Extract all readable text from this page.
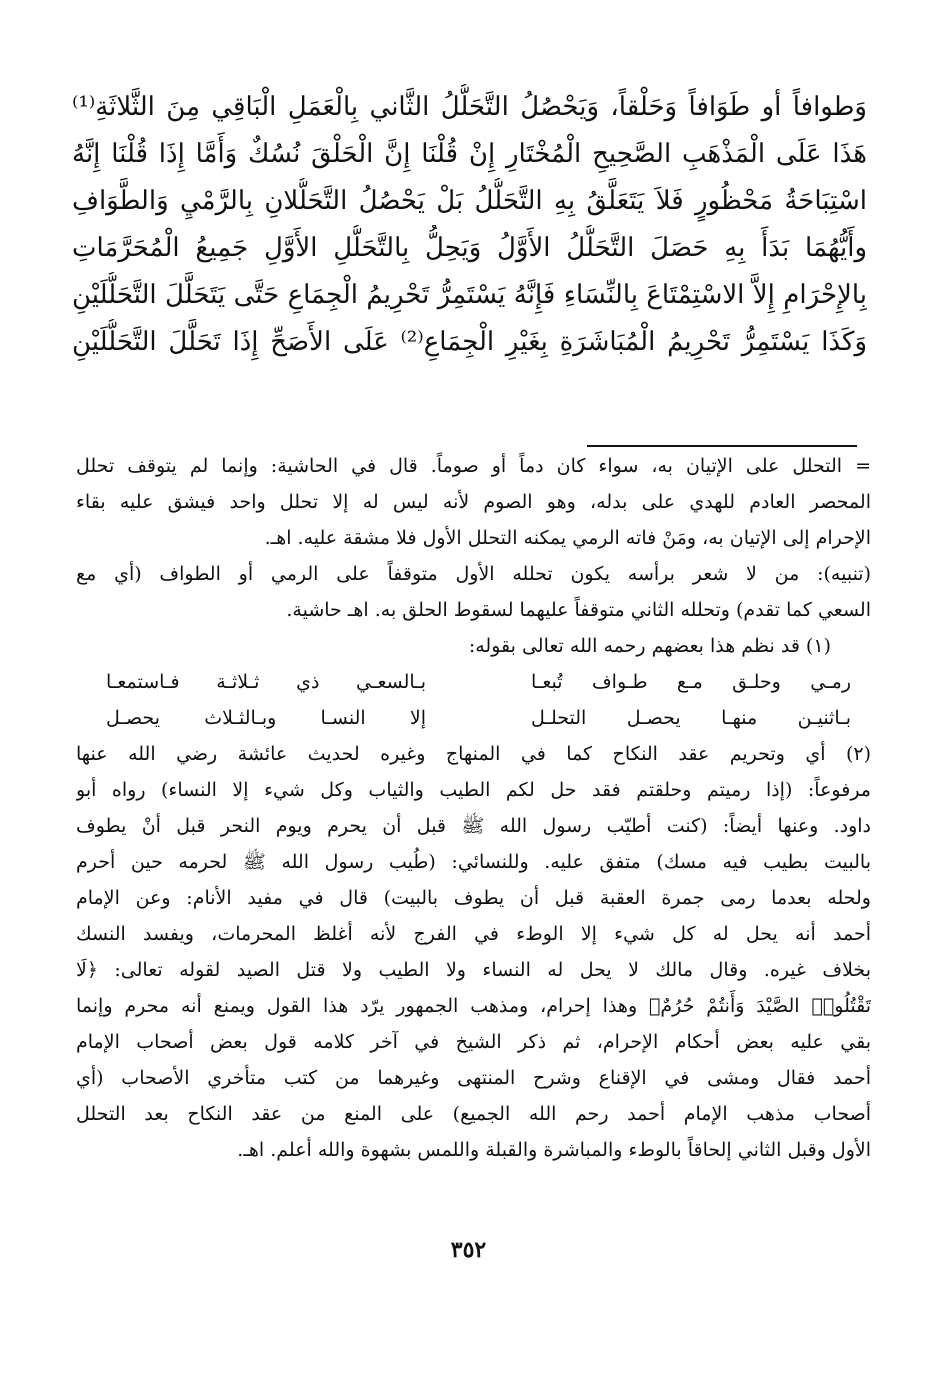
وَطوافاً أو طَوَافاً وَحَلْقاً، وَيَحْصُلُ التَّحَلُّلُ الثَّاني بِالْعَمَلِ الْبَاقِي مِنَ الثَّلاثَةِ⁽¹⁾
هَذَا عَلَى الْمَذْهَبِ الصَّحِيحِ الْمُخْتَارِ إِنْ قُلْنَا إِنَّ الْحَلْقَ نُسُكٌ وَأَمَّا إِذَا قُلْنَا إِنَّهُ
اسْتِبَاحَةُ مَحْظُورٍ فَلاَ يَتَعَلَّقُ بِهِ التَّحَلُّلُ بَلْ يَحْصُلُ التَّحَلُّلانِ بِالرَّمْيِ وَالطَّوَافِ
وأَيُّهُمَا بَدَأَ بِهِ حَصَلَ التَّحَلُّلُ الأَوَّلُ وَيَحِلُّ بِالتَّحَلُّلِ الأَوَّلِ جَمِيعُ الْمُحَرَّمَاتِ
بِالإِحْرَامِ إِلاَّ الاسْتِمْتَاعَ بِالنِّسَاءِ فَإِنَّهُ يَسْتَمِرُّ تَحْرِيمُ الْجِمَاعِ حَتَّى يَتَحَلَّلَ التَّحَلُّلَيْنِ
وَكَذَا يَسْتَمِرُّ تَحْرِيمُ الْمُبَاشَرَةِ بِغَيْرِ الْجِمَاعِ⁽²⁾ عَلَى الأَصَحِّ إِذَا تَحَلَّلَ التَّحَلُّلَيْنِ
= التحلل على الإتيان به، سواء كان دماً أو صوماً. قال في الحاشية: وإنما لم يتوقف تحلل
المحصر العادم للهدي على بدله، وهو الصوم لأنه ليس له إلا تحلل واحد فيشق عليه بقاء
الإحرام إلى الإتيان به، ومَنْ فاته الرمي يمكنه التحلل الأول فلا مشقة عليه. اهـ.
(تنبيه): من لا شعر برأسه يكون تحلله الأول متوقفاً على الرمي أو الطواف (أي مع
السعي كما تقدم) وتحلله الثاني متوقفاً عليهما لسقوط الحلق به. اهـ حاشية.
(١) قد نظم هذا بعضهم رحمه الله تعالى بقوله:
رمـي وحلـق مـع طـواف تُبعـا
بـالسعـي ذي ثـلاثـة فـاستمعـا
بـاثنيـن منهـا يحصـل التحلـل
إلا النسـا وبـالثـلاث يحصـل
(٢) أي وتحريم عقد النكاح كما في المنهاج وغيره لحديث عائشة رضي الله عنها
مرفوعاً: (إذا رميتم وحلقتم فقد حل لكم الطيب والثياب وكل شيء إلا النساء) رواه أبو
داود. وعنها أيضاً: (كنت أطيّب رسول الله ﷺ قبل أن يحرم ويوم النحر قبل أنْ يطوف
بالبيت بطيب فيه مسك) متفق عليه. وللنسائي: (طُيب رسول الله ﷺ لحرمه حين أحرم
ولحله بعدما رمى جمرة العقبة قبل أن يطوف بالبيت) قال في مفيد الأنام: وعن الإمام
أحمد أنه يحل له كل شيء إلا الوطء في الفرج لأنه أغلظ المحرمات، ويفسد النسك
بخلاف غيره. وقال مالك لا يحل له النساء ولا الطيب ولا قتل الصيد لقوله تعالى: ﴿لَا
تَقْتُلُوا۟ الصَّيْدَ وَأَنتُمْ حُرُمٌ﴾ وهذا إحرام، ومذهب الجمهور يرّد هذا القول ويمنع أنه محرم وإنما
بقي عليه بعض أحكام الإحرام، ثم ذكر الشيخ في آخر كلامه قول بعض أصحاب الإمام
أحمد فقال ومشى في الإقناع وشرح المنتهى وغيرهما من كتب متأخري الأصحاب (أي
أصحاب مذهب الإمام أحمد رحم الله الجميع) على المنع من عقد النكاح بعد التحلل
الأول وقبل الثاني إلحاقاً بالوطء والمباشرة والقبلة واللمس بشهوة والله أعلم. اهـ.
٣٥٢
